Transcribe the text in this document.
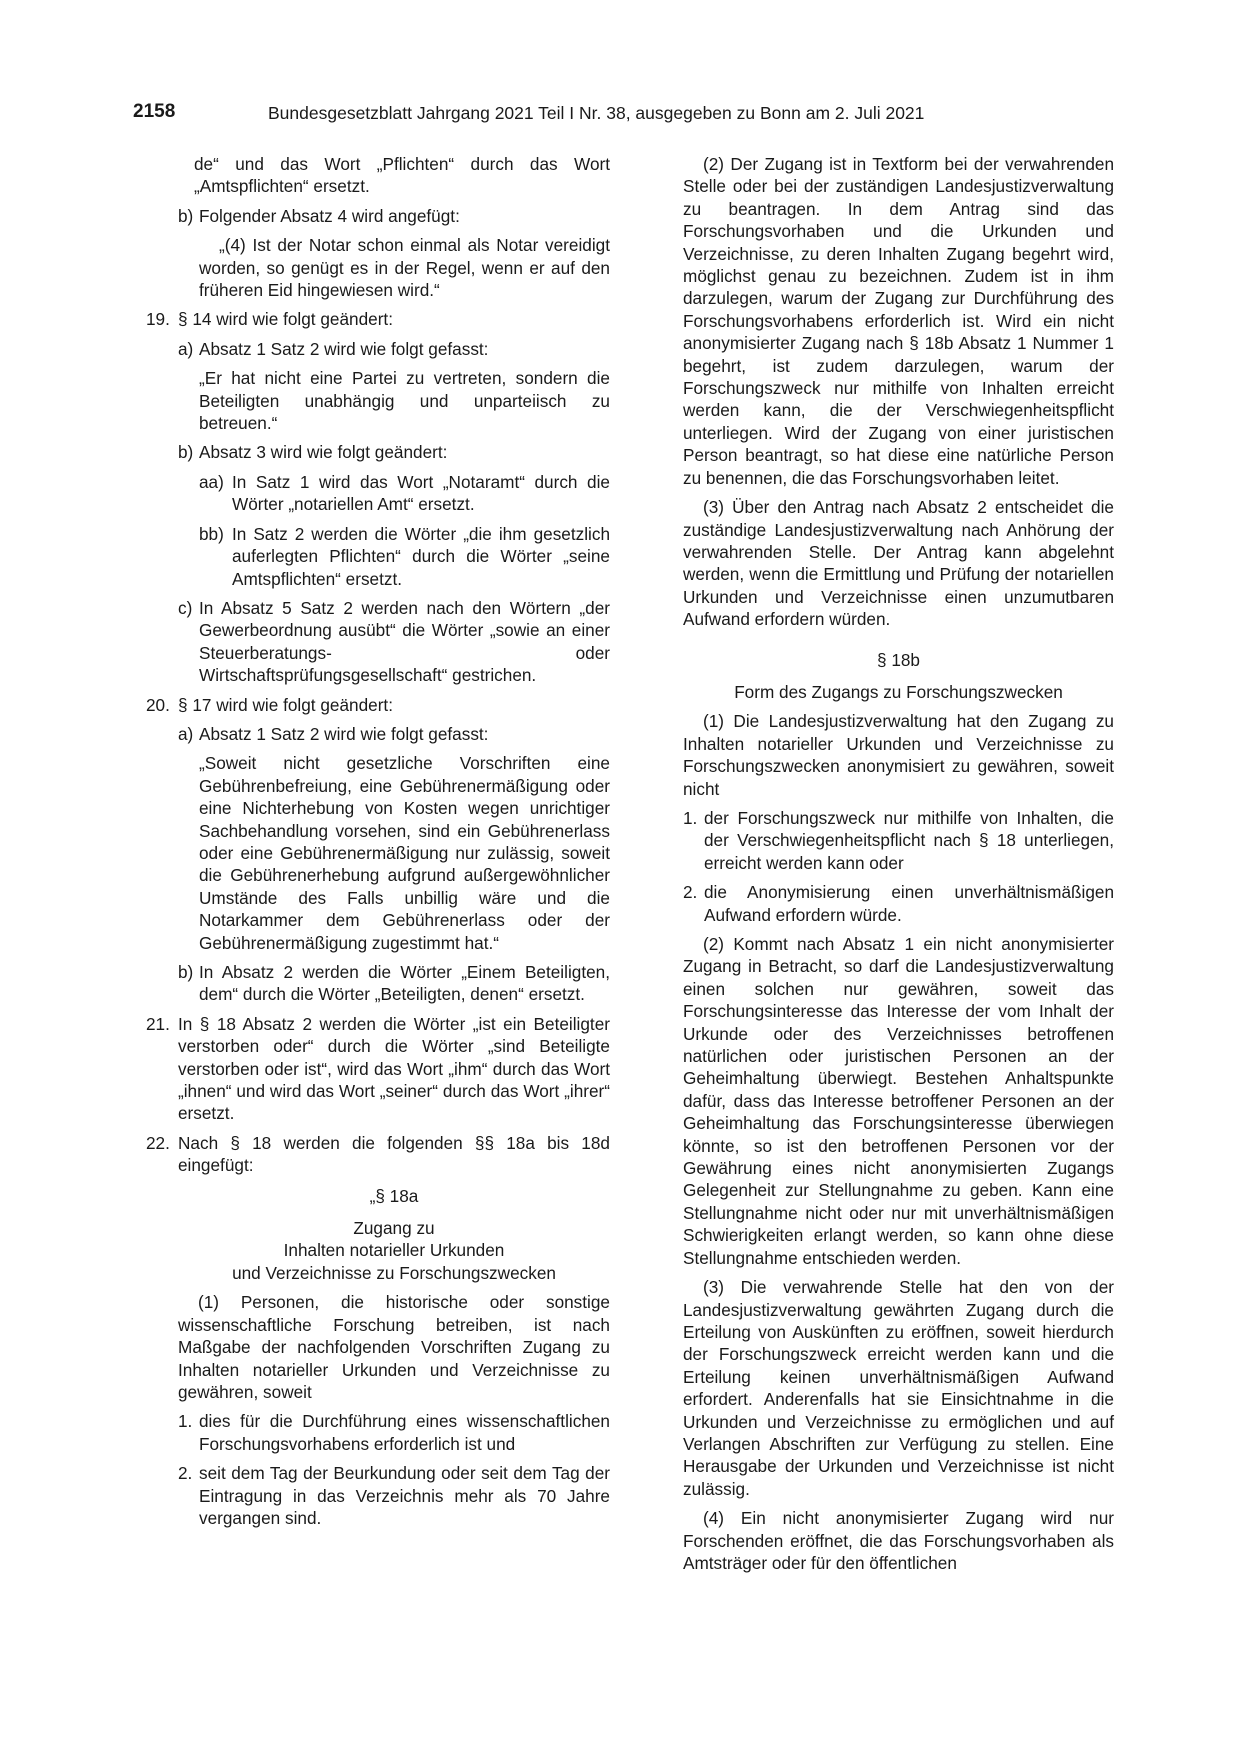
2158	Bundesgesetzblatt Jahrgang 2021 Teil I Nr. 38, ausgegeben zu Bonn am 2. Juli 2021

de“ und das Wort „Pflichten“ durch das Wort „Amtspflichten“ ersetzt.

b) Folgender Absatz 4 wird angefügt:

„(4) Ist der Notar schon einmal als Notar vereidigt worden, so genügt es in der Regel, wenn er auf den früheren Eid hingewiesen wird.“

19. § 14 wird wie folgt geändert:
a) Absatz 1 Satz 2 wird wie folgt gefasst:

„Er hat nicht eine Partei zu vertreten, sondern die Beteiligten unabhängig und unparteiisch zu betreuen.“

b) Absatz 3 wird wie folgt geändert:
aa) In Satz 1 wird das Wort „Notaramt“ durch die Wörter „notariellen Amt“ ersetzt.
bb) In Satz 2 werden die Wörter „die ihm gesetzlich auferlegten Pflichten“ durch die Wörter „seine Amtspflichten“ ersetzt.
c) In Absatz 5 Satz 2 werden nach den Wörtern „der Gewerbeordnung ausübt“ die Wörter „sowie an einer Steuerberatungs- oder Wirtschaftsprüfungsgesellschaft“ gestrichen.
20. § 17 wird wie folgt geändert:
a) Absatz 1 Satz 2 wird wie folgt gefasst:

„Soweit nicht gesetzliche Vorschriften eine Gebührenbefreiung, eine Gebührenermäßigung oder eine Nichterhebung von Kosten wegen unrichtiger Sachbehandlung vorsehen, sind ein Gebührenerlass oder eine Gebührenermäßigung nur zulässig, soweit die Gebührenerhebung aufgrund außergewöhnlicher Umstände des Falls unbillig wäre und die Notarkammer dem Gebührenerlass oder der Gebührenermäßigung zugestimmt hat.“

b) In Absatz 2 werden die Wörter „Einem Beteiligten, dem“ durch die Wörter „Beteiligten, denen“ ersetzt.
21. In § 18 Absatz 2 werden die Wörter „ist ein Beteiligter verstorben oder“ durch die Wörter „sind Beteiligte verstorben oder ist“, wird das Wort „ihm“ durch das Wort „ihnen“ und wird das Wort „seiner“ durch das Wort „ihrer“ ersetzt.
22. Nach § 18 werden die folgenden §§ 18a bis 18d eingefügt:

„§ 18a

Zugang zu

Inhalten notarieller Urkunden

und Verzeichnisse zu Forschungszwecken

(1) Personen, die historische oder sonstige wissenschaftliche Forschung betreiben, ist nach Maßgabe der nachfolgenden Vorschriften Zugang zu Inhalten notarieller Urkunden und Verzeichnisse zu gewähren, soweit

1. dies für die Durchführung eines wissenschaftlichen Forschungsvorhabens erforderlich ist und
2. seit dem Tag der Beurkundung oder seit dem Tag der Eintragung in das Verzeichnis mehr als 70 Jahre vergangen sind.

(2) Der Zugang ist in Textform bei der verwahrenden Stelle oder bei der zuständigen Landesjustizverwaltung zu beantragen. In dem Antrag sind das Forschungsvorhaben und die Urkunden und Verzeichnisse, zu deren Inhalten Zugang begehrt wird, möglichst genau zu bezeichnen. Zudem ist in ihm darzulegen, warum der Zugang zur Durchführung des Forschungsvorhabens erforderlich ist. Wird ein nicht anonymisierter Zugang nach § 18b Absatz 1 Nummer 1 begehrt, ist zudem darzulegen, warum der Forschungszweck nur mithilfe von Inhalten erreicht werden kann, die der Verschwiegenheitspflicht unterliegen. Wird der Zugang von einer juristischen Person beantragt, so hat diese eine natürliche Person zu benennen, die das Forschungsvorhaben leitet.

(3) Über den Antrag nach Absatz 2 entscheidet die zuständige Landesjustizverwaltung nach Anhörung der verwahrenden Stelle. Der Antrag kann abgelehnt werden, wenn die Ermittlung und Prüfung der notariellen Urkunden und Verzeichnisse einen unzumutbaren Aufwand erfordern würden.

§ 18b

Form des Zugangs zu Forschungszwecken

(1) Die Landesjustizverwaltung hat den Zugang zu Inhalten notarieller Urkunden und Verzeichnisse zu Forschungszwecken anonymisiert zu gewähren, soweit nicht

1. der Forschungszweck nur mithilfe von Inhalten, die der Verschwiegenheitspflicht nach § 18 unterliegen, erreicht werden kann oder
2. die Anonymisierung einen unverhältnismäßigen Aufwand erfordern würde.

(2) Kommt nach Absatz 1 ein nicht anonymisierter Zugang in Betracht, so darf die Landesjustizverwaltung einen solchen nur gewähren, soweit das Forschungsinteresse das Interesse der vom Inhalt der Urkunde oder des Verzeichnisses betroffenen natürlichen oder juristischen Personen an der Geheimhaltung überwiegt. Bestehen Anhaltspunkte dafür, dass das Interesse betroffener Personen an der Geheimhaltung das Forschungsinteresse überwiegen könnte, so ist den betroffenen Personen vor der Gewährung eines nicht anonymisierten Zugangs Gelegenheit zur Stellungnahme zu geben. Kann eine Stellungnahme nicht oder nur mit unverhältnismäßigen Schwierigkeiten erlangt werden, so kann ohne diese Stellungnahme entschieden werden.

(3) Die verwahrende Stelle hat den von der Landesjustizverwaltung gewährten Zugang durch die Erteilung von Auskünften zu eröffnen, soweit hierdurch der Forschungszweck erreicht werden kann und die Erteilung keinen unverhältnismäßigen Aufwand erfordert. Anderenfalls hat sie Einsichtnahme in die Urkunden und Verzeichnisse zu ermöglichen und auf Verlangen Abschriften zur Verfügung zu stellen. Eine Herausgabe der Urkunden und Verzeichnisse ist nicht zulässig.

(4) Ein nicht anonymisierter Zugang wird nur Forschenden eröffnet, die das Forschungsvorhaben als Amtsträger oder für den öffentlichen
